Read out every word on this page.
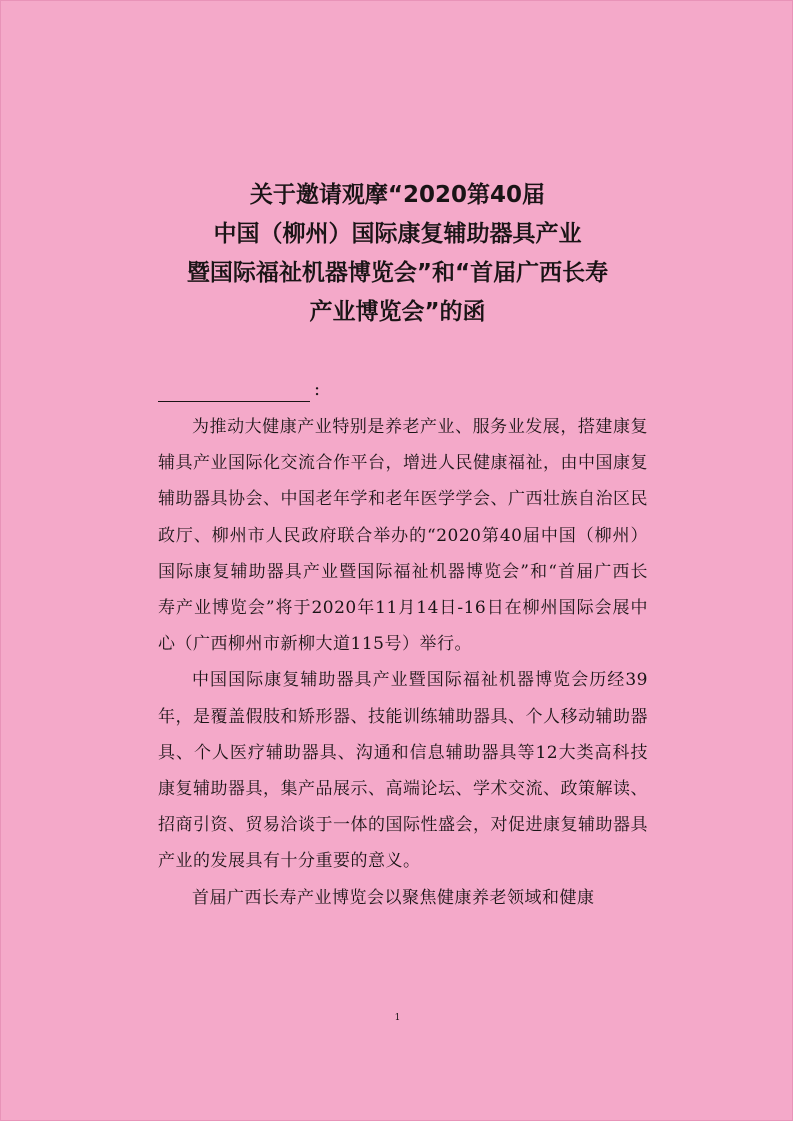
关于邀请观摩“2020第40届
中国（柳州）国际康复辅助器具产业
暨国际福祉机器博览会”和“首届广西长寿
产业博览会”的函
:

为推动大健康产业特别是养老产业、服务业发展，搭建康复辅具产业国际化交流合作平台，增进人民健康福祉，由中国康复辅助器具协会、中国老年学和老年医学学会、广西壮族自治区民政厅、柳州市人民政府联合举办的“2020第40届中国（柳州）国际康复辅助器具产业暨国际福祉机器博览会”和“首届广西长寿产业博览会”将于2020年11月14日-16日在柳州国际会展中心（广西柳州市新柳大道115号）举行。

中国国际康复辅助器具产业暨国际福祉机器博览会历经39年，是覆盖假肢和矫形器、技能训练辅助器具、个人移动辅助器具、个人医疗辅助器具、沟通和信息辅助器具等12大类高科技康复辅助器具，集产品展示、高端论坛、学术交流、政策解读、招商引资、贸易洽谈于一体的国际性盛会，对促进康复辅助器具产业的发展具有十分重要的意义。

首届广西长寿产业博览会以聚焦健康养老领域和健康

1
